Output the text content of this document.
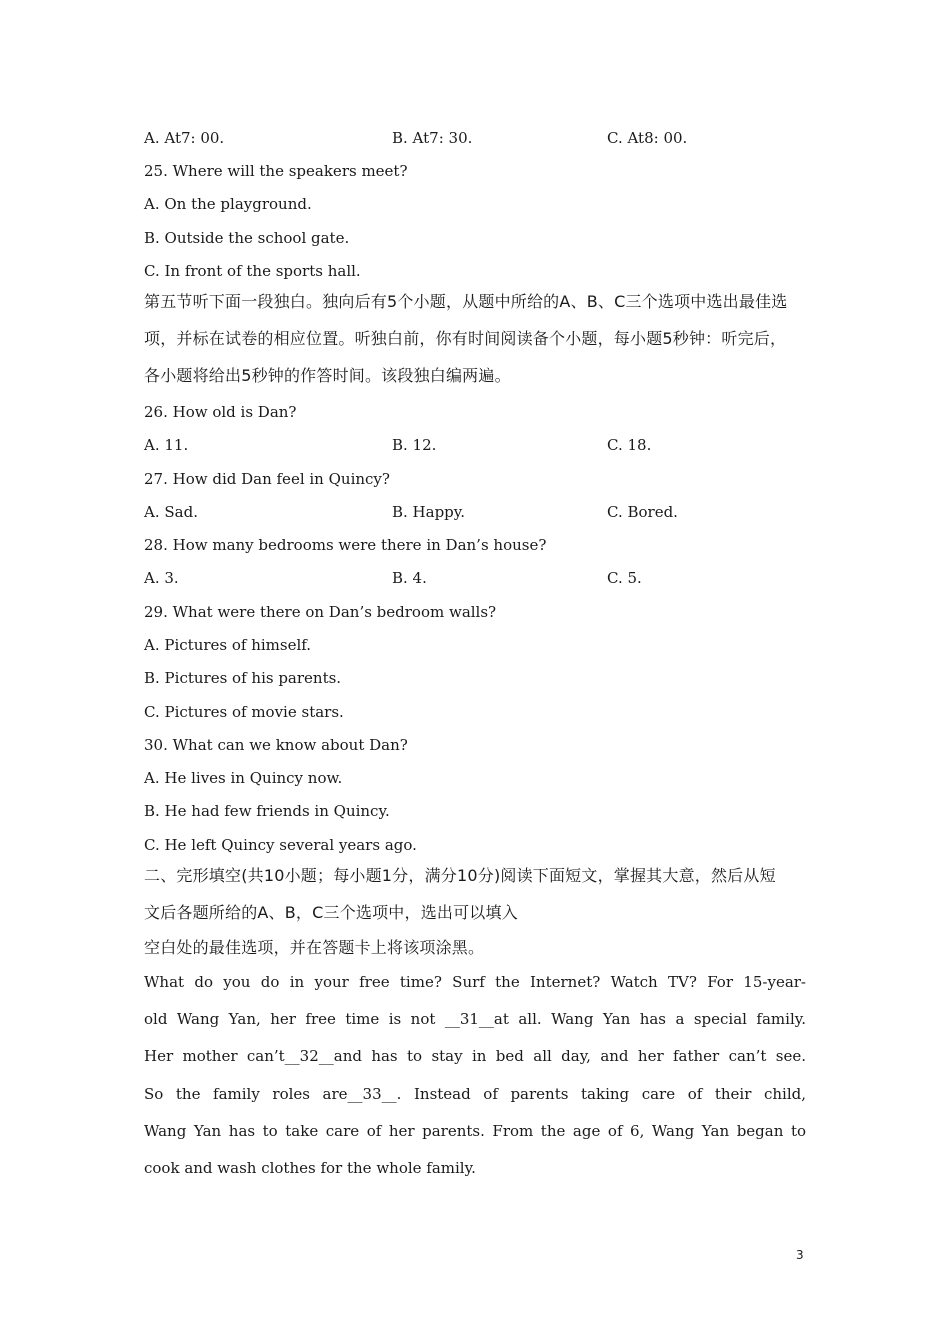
A. At7: 00.	B. At7: 30.	C. At8: 00.
25. Where will the speakers meet?
A. On the playground.
B. Outside the school gate.
C. In front of the sports hall.
第五节听下面一段独白。独向后有5个小题，从题中所给的A、B、C三个选项中选出最佳选
项，并标在试卷的相应位置。听独白前，你有时间阅读备个小题，每小题5秒钟：听完后，
各小题将给出5秒钟的作答时间。该段独白编两遍。
26. How old is Dan?
A. 11.	B. 12.	C. 18.
27. How did Dan feel in Quincy?
A. Sad.	B. Happy.	C. Bored.
28. How many bedrooms were there in Dan’s house?
A. 3.	B. 4.	C. 5.
29. What were there on Dan’s bedroom walls?
A. Pictures of himself.
B. Pictures of his parents.
C. Pictures of movie stars.
30. What can we know about Dan?
A. He lives in Quincy now.
B. He had few friends in Quincy.
C. He left Quincy several years ago.
二、完形填空(共10小题；每小题1分，满分10分)阅读下面短文，掌握其大意，然后从短
文后各题所给的A、B，C三个选项中，选出可以填入
空白处的最佳选项，并在答题卡上将该项涂黑。
What do you do in your free time? Surf the Internet? Watch TV? For 15-year-
old Wang Yan, her free time is not __31__at all. Wang Yan has a special family.
Her mother can’t__32__and has to stay in bed all day, and her father can’t see.
So the family roles are__33__. Instead of parents taking care of their child,
Wang Yan has to take care of her parents. From the age of 6, Wang Yan began to
cook and wash clothes for the whole family.
3
